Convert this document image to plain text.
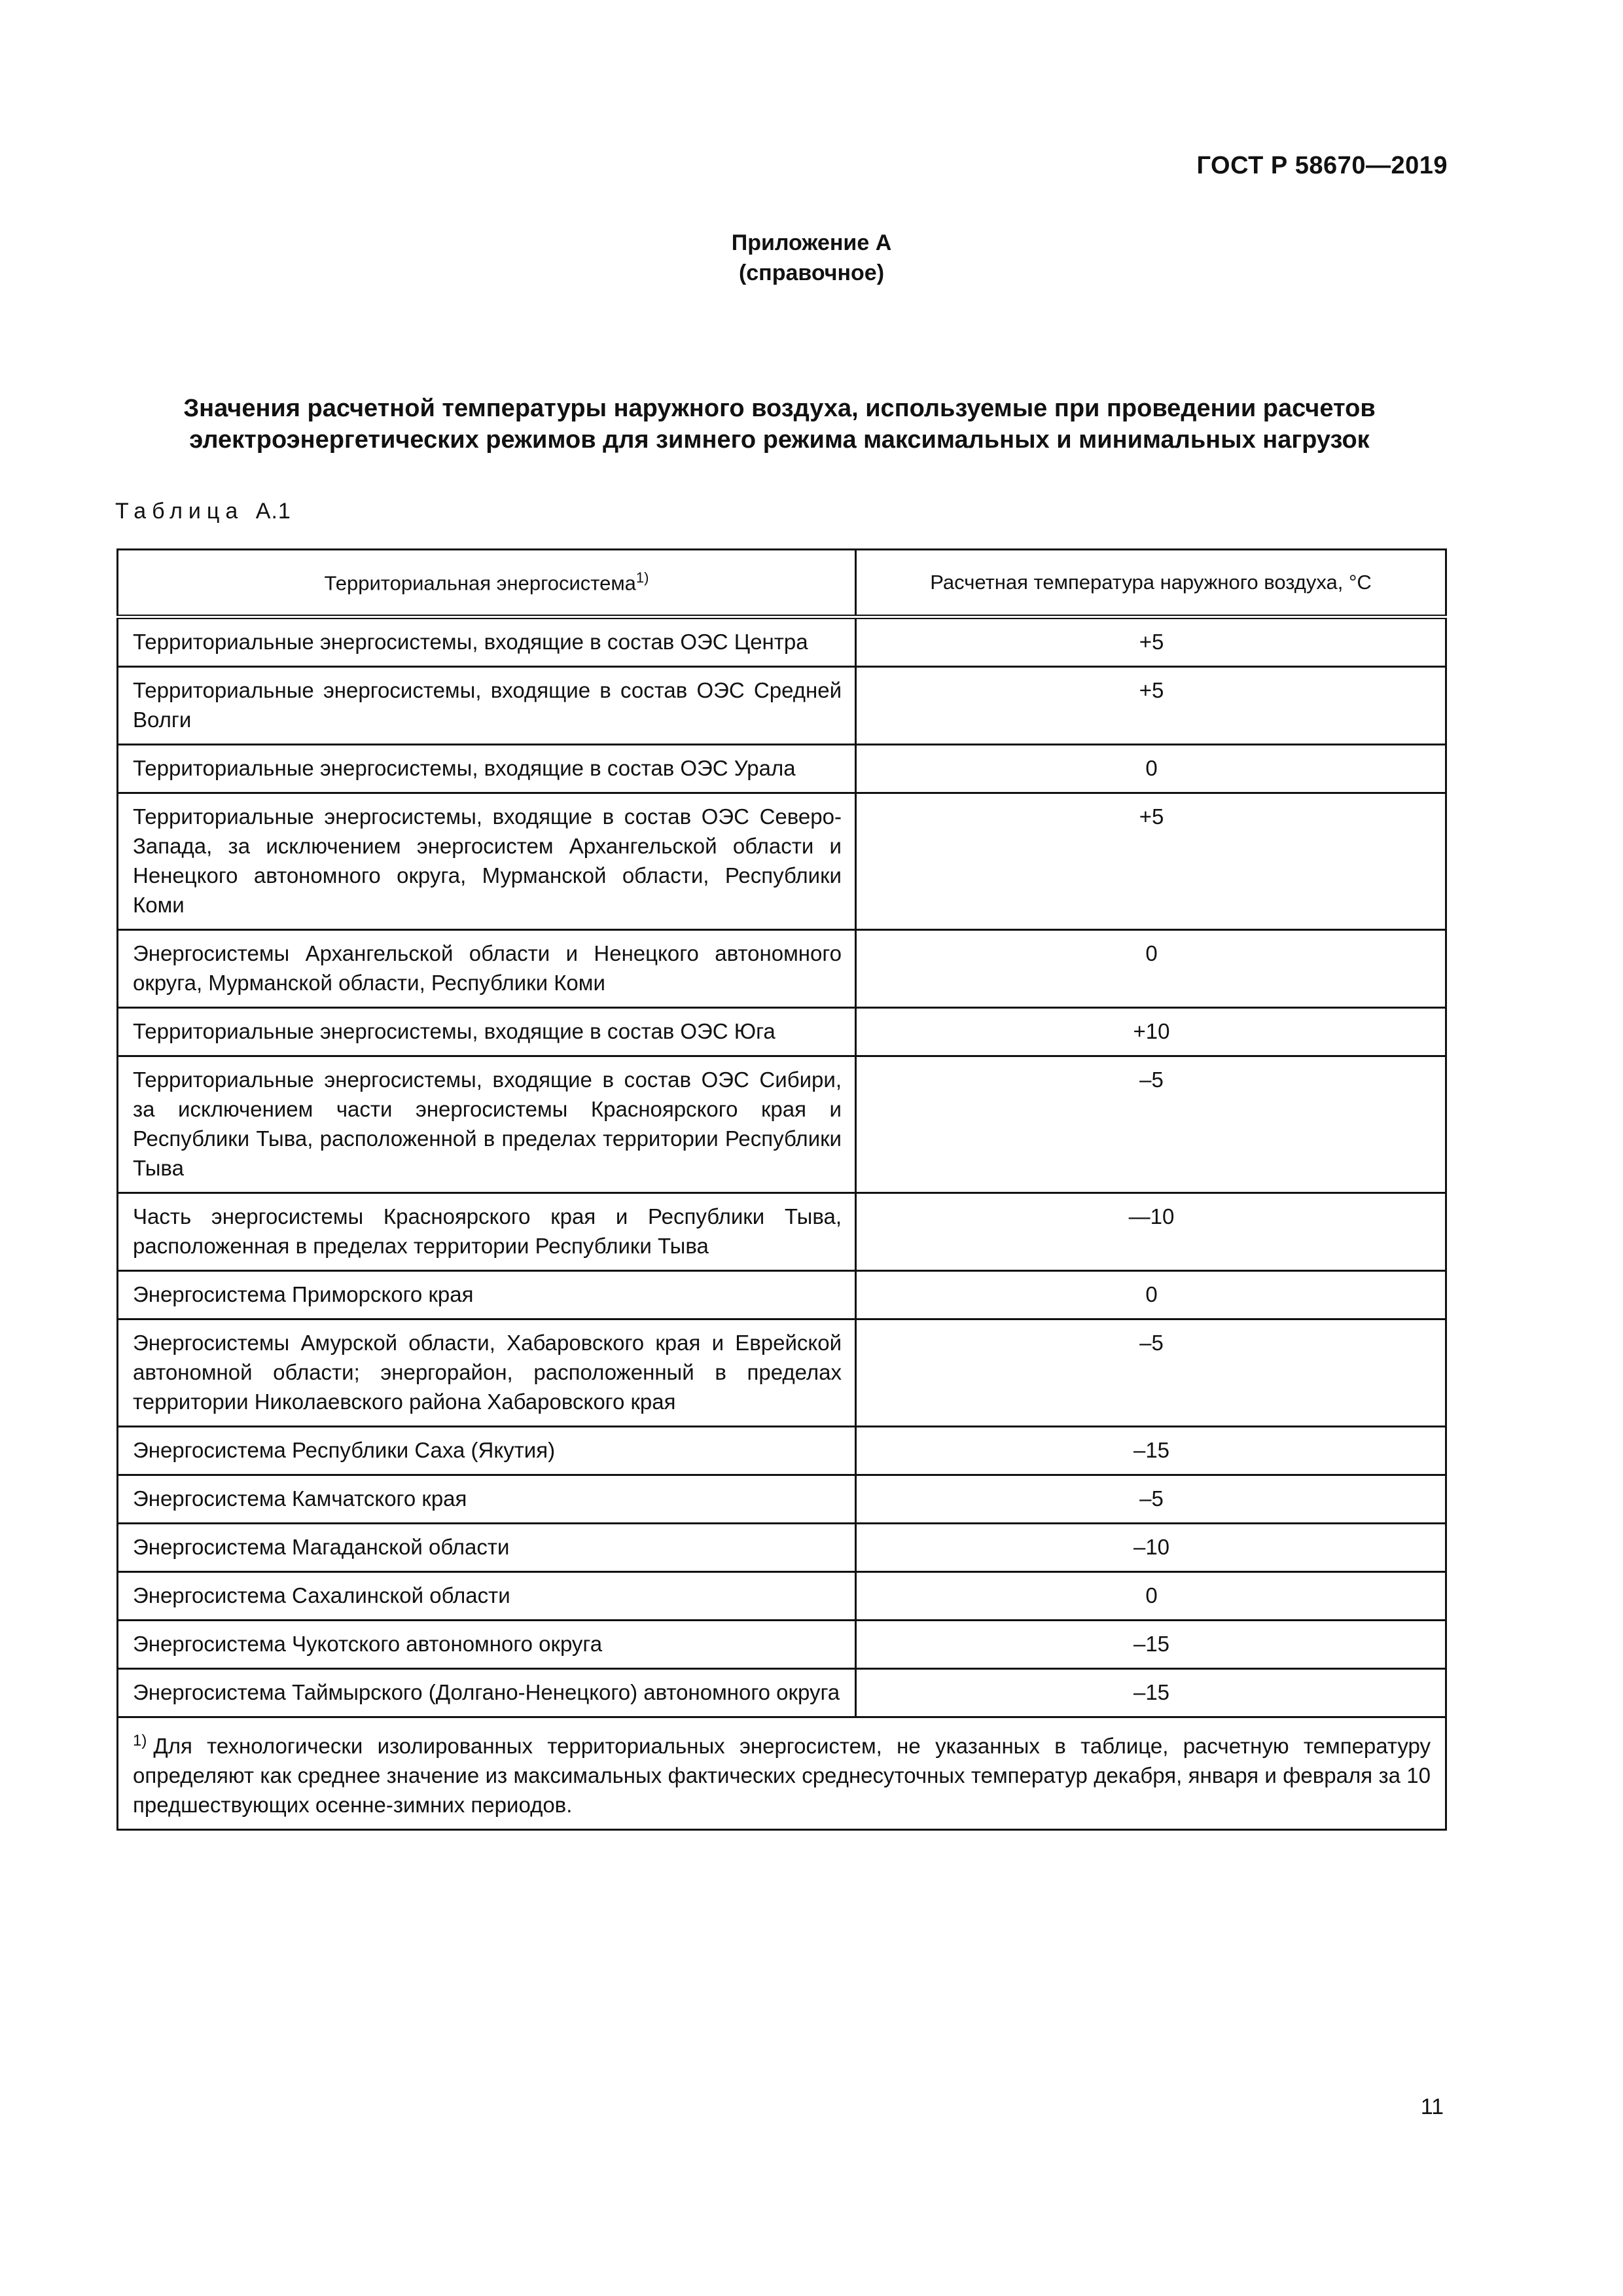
ГОСТ Р 58670—2019
Приложение А
(справочное)
Значения расчетной температуры наружного воздуха, используемые при проведении расчетов
электроэнергетических режимов для зимнего режима максимальных и минимальных нагрузок
Таблица А.1
Территориальная энергосистема$^{1)}$	Расчетная температура наружного воздуха, °С
Территориальные энергосистемы, входящие в состав ОЭС Центра	+5
Территориальные энергосистемы, входящие в состав ОЭС Средней Волги	+5
Территориальные энергосистемы, входящие в состав ОЭС Урала	0
Территориальные энергосистемы, входящие в состав ОЭС Северо-Запада, за исключением энергосистем Архангельской области и Ненецкого автономного округа, Мурманской области, Республики Коми	+5
Энергосистемы Архангельской области и Ненецкого автономного округа, Мурманской области, Республики Коми	0
Территориальные энергосистемы, входящие в состав ОЭС Юга	+10
Территориальные энергосистемы, входящие в состав ОЭС Сибири, за исключением части энергосистемы Красноярского края и Республики Тыва, расположенной в пределах территории Республики Тыва	–5
Часть энергосистемы Красноярского края и Республики Тыва, расположенная в пределах территории Республики Тыва	—10
Энергосистема Приморского края	0
Энергосистемы Амурской области, Хабаровского края и Еврейской автономной области; энергорайон, расположенный в пределах территории Николаевского района Хабаровского края	–5
Энергосистема Республики Саха (Якутия)	–15
Энергосистема Камчатского края	–5
Энергосистема Магаданской области	–10
Энергосистема Сахалинской области	0
Энергосистема Чукотского автономного округа	–15
Энергосистема Таймырского (Долгано-Ненецкого) автономного округа	–15
$^{1)}$ Для технологически изолированных территориальных энергосистем, не указанных в таблице, расчетную температуру определяют как среднее значение из максимальных фактических среднесуточных температур декабря, января и февраля за 10 предшествующих осенне-зимних периодов.	
11
